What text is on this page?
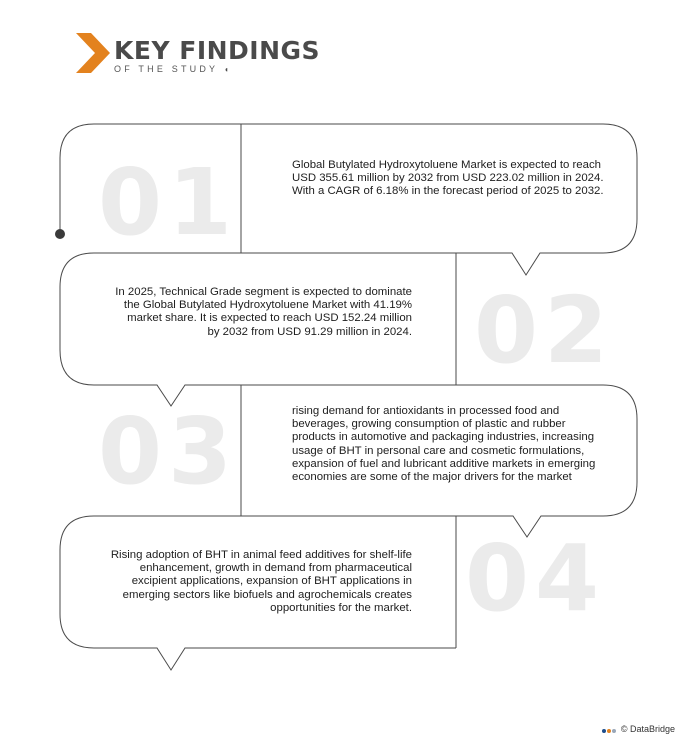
KEY FINDINGS
OF THE STUDY ◖
01	Global Butylated Hydroxytoluene Market is expected to reach USD 355.61 million by 2032 from USD 223.02 million in 2024. With a CAGR of 6.18% in the forecast period of 2025 to 2032.
02
In 2025, Technical Grade segment is expected to dominate the Global Butylated Hydroxytoluene Market with 41.19% market share. It is expected to reach USD 152.24 million by 2032 from USD 91.29 million in 2024.
03	rising demand for antioxidants in processed food and beverages, growing consumption of plastic and rubber products in automotive and packaging industries, increasing usage of BHT in personal care and cosmetic formulations, expansion of fuel and lubricant additive markets in emerging economies are some of the major drivers for the market
04
Rising adoption of BHT in animal feed additives for shelf-life enhancement, growth in demand from pharmaceutical excipient applications, expansion of BHT applications in emerging sectors like biofuels and agrochemicals creates opportunities for the market.
© DataBridge
